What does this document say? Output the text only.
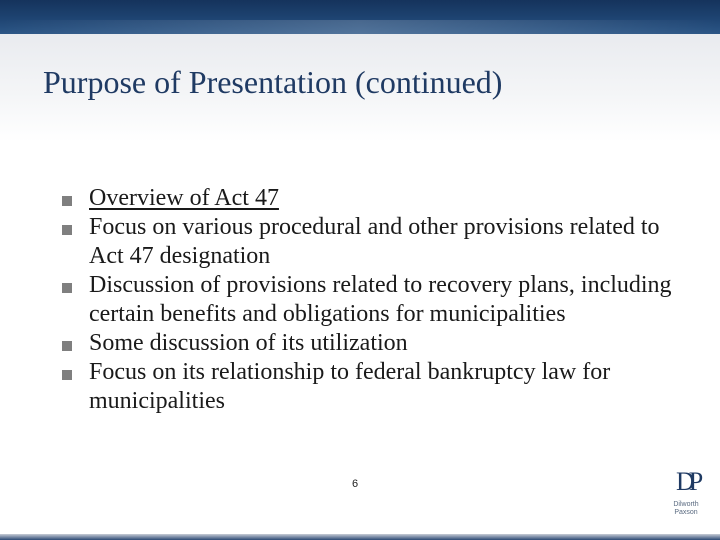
Purpose of Presentation (continued)
Overview of Act 47
Focus on various procedural and other provisions related to Act 47 designation
Discussion of provisions related to recovery plans, including certain benefits and obligations for municipalities
Some discussion of its utilization
Focus on its relationship to federal bankruptcy law for municipalities
6	DP
Dilworth
Paxson
